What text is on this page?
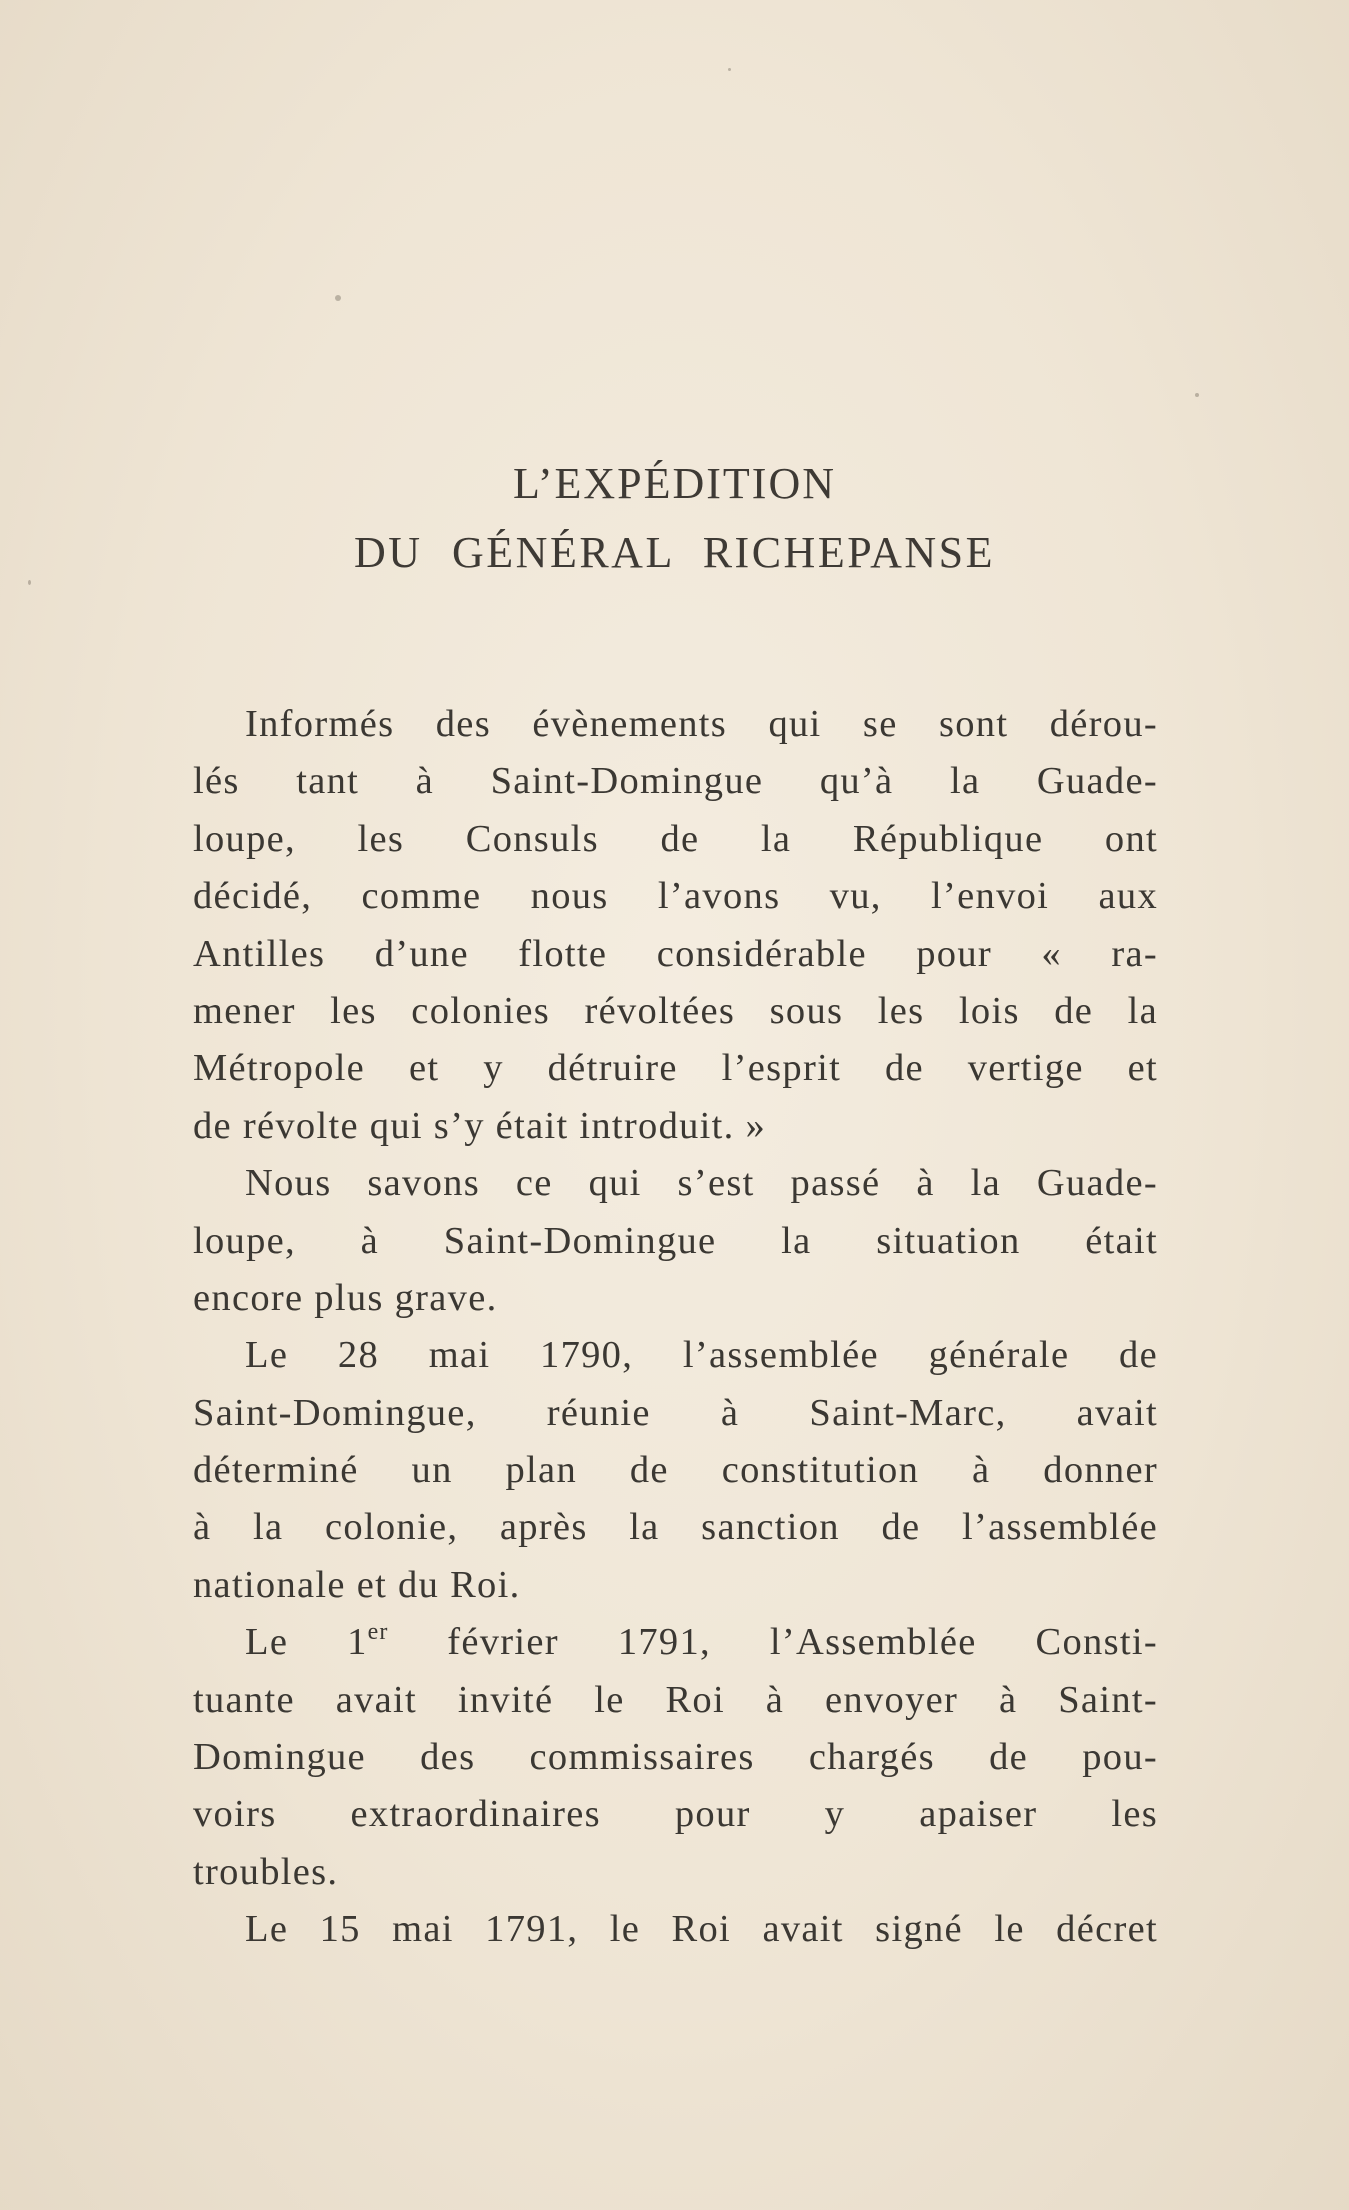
L’EXPÉDITION
DU GÉNÉRAL RICHEPANSE
Informés des évènements qui se sont dérou-
lés tant à Saint-Domingue qu’à la Guade-
loupe, les Consuls de la République ont
décidé, comme nous l’avons vu, l’envoi aux
Antilles d’une flotte considérable pour « ra-
mener les colonies révoltées sous les lois de la
Métropole et y détruire l’esprit de vertige et
de révolte qui s’y était introduit. »
Nous savons ce qui s’est passé à la Guade-
loupe, à Saint-Domingue la situation était
encore plus grave.
Le 28 mai 1790, l’assemblée générale de
Saint-Domingue, réunie à Saint-Marc, avait
déterminé un plan de constitution à donner
à la colonie, après la sanction de l’assemblée
nationale et du Roi.
Le 1er février 1791, l’Assemblée Consti-
tuante avait invité le Roi à envoyer à Saint-
Domingue des commissaires chargés de pou-
voirs extraordinaires pour y apaiser les
troubles.
Le 15 mai 1791, le Roi avait signé le décret
